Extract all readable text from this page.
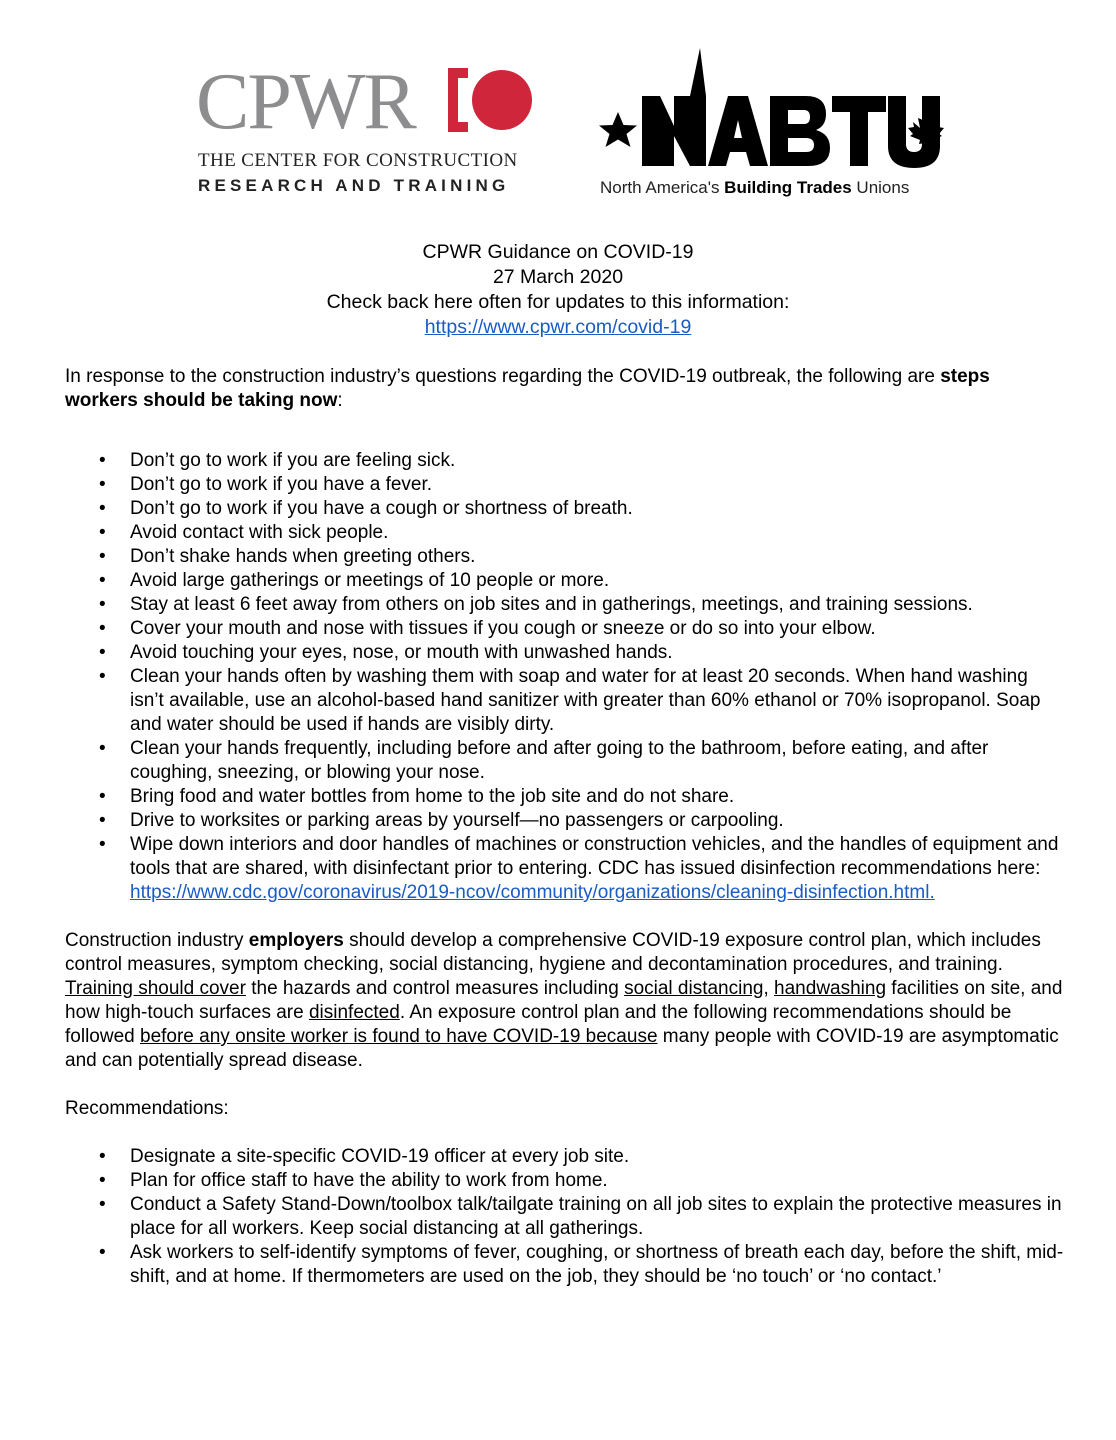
CPWR
THE CENTER FOR CONSTRUCTION
RESEARCH AND TRAINING	North America's Building Trades Unions
CPWR Guidance on COVID-19
27 March 2020
Check back here often for updates to this information:
https://www.cpwr.com/covid-19

In response to the construction industry’s questions regarding the COVID-19 outbreak, the following are steps workers should be taking now:

• Don’t go to work if you are feeling sick.
• Don’t go to work if you have a fever.
• Don’t go to work if you have a cough or shortness of breath.
• Avoid contact with sick people.
• Don’t shake hands when greeting others.
• Avoid large gatherings or meetings of 10 people or more.
• Stay at least 6 feet away from others on job sites and in gatherings, meetings, and training sessions.
• Cover your mouth and nose with tissues if you cough or sneeze or do so into your elbow.
• Avoid touching your eyes, nose, or mouth with unwashed hands.
• Clean your hands often by washing them with soap and water for at least 20 seconds. When hand washing isn’t available, use an alcohol-based hand sanitizer with greater than 60% ethanol or 70% isopropanol. Soap and water should be used if hands are visibly dirty.
• Clean your hands frequently, including before and after going to the bathroom, before eating, and after coughing, sneezing, or blowing your nose.
• Bring food and water bottles from home to the job site and do not share.
• Drive to worksites or parking areas by yourself—no passengers or carpooling.
• Wipe down interiors and door handles of machines or construction vehicles, and the handles of equipment and tools that are shared, with disinfectant prior to entering. CDC has issued disinfection recommendations here: https://www.cdc.gov/coronavirus/2019-ncov/community/organizations/cleaning-disinfection.html.

Construction industry employers should develop a comprehensive COVID-19 exposure control plan, which includes control measures, symptom checking, social distancing, hygiene and decontamination procedures, and training. Training should cover the hazards and control measures including social distancing, handwashing facilities on site, and how high-touch surfaces are disinfected. An exposure control plan and the following recommendations should be followed before any onsite worker is found to have COVID-19 because many people with COVID-19 are asymptomatic and can potentially spread disease.

Recommendations:

• Designate a site-specific COVID-19 officer at every job site.
• Plan for office staff to have the ability to work from home.
• Conduct a Safety Stand-Down/toolbox talk/tailgate training on all job sites to explain the protective measures in place for all workers. Keep social distancing at all gatherings.
• Ask workers to self-identify symptoms of fever, coughing, or shortness of breath each day, before the shift, mid-shift, and at home. If thermometers are used on the job, they should be ‘no touch’ or ‘no contact.’
